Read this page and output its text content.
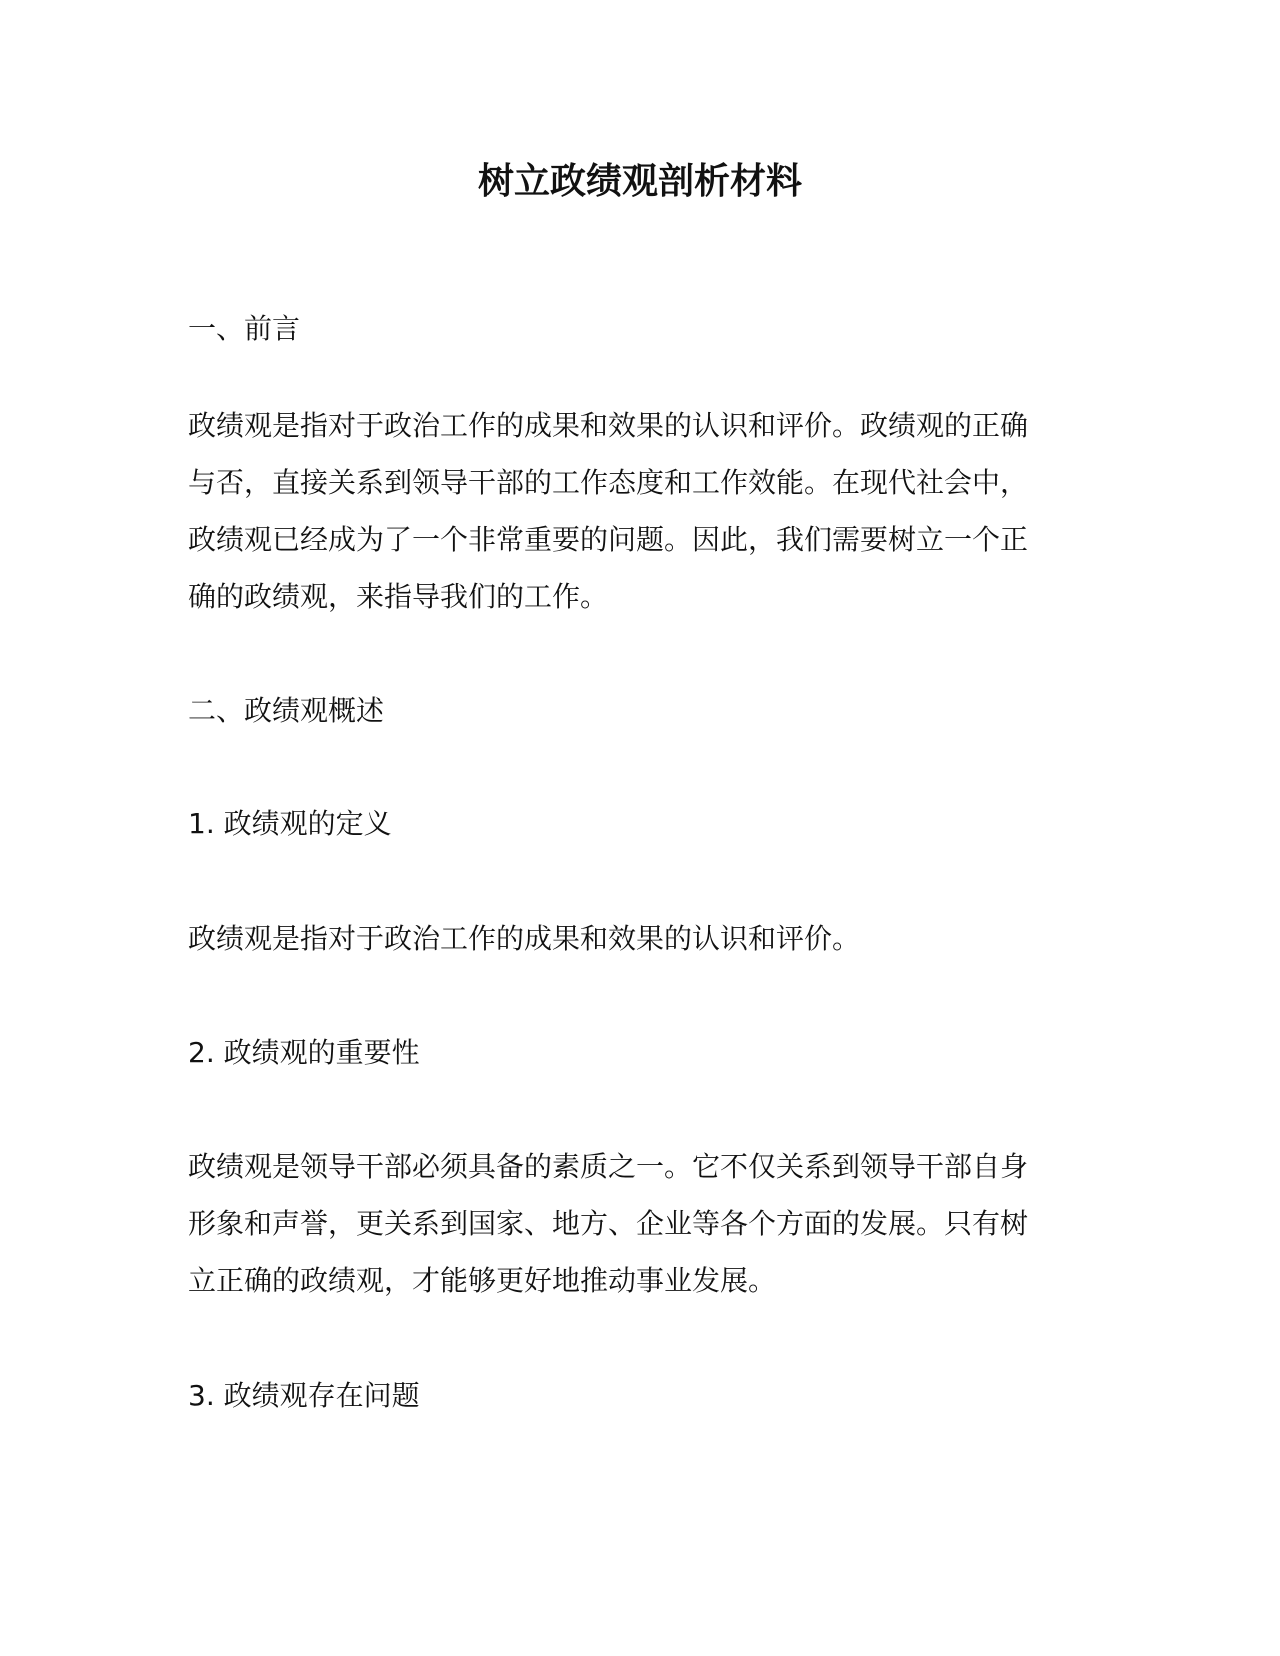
树立政绩观剖析材料

一、前言

政绩观是指对于政治工作的成果和效果的认识和评价。政绩观的正确
与否，直接关系到领导干部的工作态度和工作效能。在现代社会中，
政绩观已经成为了一个非常重要的问题。因此，我们需要树立一个正
确的政绩观，来指导我们的工作。

二、政绩观概述

1. 政绩观的定义

政绩观是指对于政治工作的成果和效果的认识和评价。

2. 政绩观的重要性

政绩观是领导干部必须具备的素质之一。它不仅关系到领导干部自身
形象和声誉，更关系到国家、地方、企业等各个方面的发展。只有树
立正确的政绩观，才能够更好地推动事业发展。

3. 政绩观存在问题
